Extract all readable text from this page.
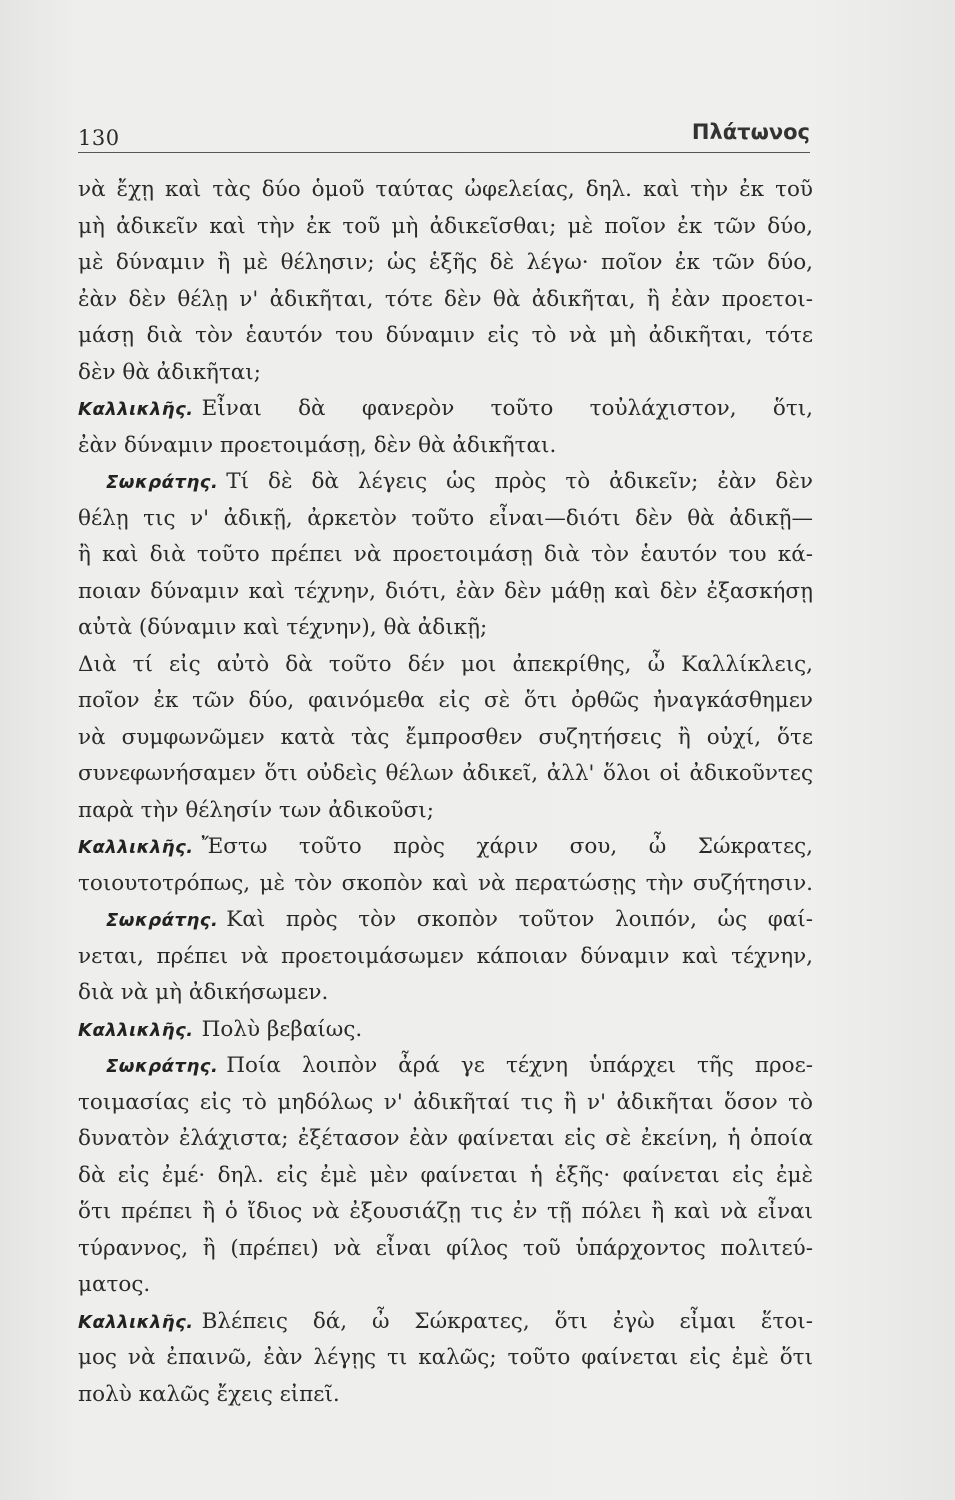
130	Πλάτωνος
νὰ ἔχῃ καὶ τὰς δύο ὁμοῦ ταύτας ὠφελείας, δηλ. καὶ τὴν ἐκ τοῦ
μὴ ἀδικεῖν καὶ τὴν ἐκ τοῦ μὴ ἀδικεῖσθαι; μὲ ποῖον ἐκ τῶν δύο,
μὲ δύναμιν ἢ μὲ θέλησιν; ὡς ἑξῆς δὲ λέγω· ποῖον ἐκ τῶν δύο,
ἐὰν δὲν θέλῃ ν' ἀδικῆται, τότε δὲν θὰ ἀδικῆται, ἢ ἐὰν προετοι-
μάσῃ διὰ τὸν ἑαυτόν του δύναμιν εἰς τὸ νὰ μὴ ἀδικῆται, τότε
δὲν θὰ ἀδικῆται;
Καλλικλῆς. Εἶναι δὰ φανερὸν τοῦτο τοὐλάχιστον, ὅτι,
ἐὰν δύναμιν προετοιμάσῃ, δὲν θὰ ἀδικῆται.
Σωκράτης. Τί δὲ δὰ λέγεις ὡς πρὸς τὸ ἀδικεῖν; ἐὰν δὲν
θέλῃ τις ν' ἀδικῇ, ἀρκετὸν τοῦτο εἶναι—διότι δὲν θὰ ἀδικῇ—
ἢ καὶ διὰ τοῦτο πρέπει νὰ προετοιμάσῃ διὰ τὸν ἑαυτόν του κά-
ποιαν δύναμιν καὶ τέχνην, διότι, ἐὰν δὲν μάθῃ καὶ δὲν ἐξασκήσῃ
αὐτὰ (δύναμιν καὶ τέχνην), θὰ ἀδικῇ;
Διὰ τί εἰς αὐτὸ δὰ τοῦτο δέν μοι ἀπεκρίθης, ὦ Καλλίκλεις,
ποῖον ἐκ τῶν δύο, φαινόμεθα εἰς σὲ ὅτι ὀρθῶς ἠναγκάσθημεν
νὰ συμφωνῶμεν κατὰ τὰς ἔμπροσθεν συζητήσεις ἢ οὐχί, ὅτε
συνεφωνήσαμεν ὅτι οὐδεὶς θέλων ἀδικεῖ, ἀλλ' ὅλοι οἱ ἀδικοῦντες
παρὰ τὴν θέλησίν των ἀδικοῦσι;
Καλλικλῆς. Ἔστω τοῦτο πρὸς χάριν σου, ὦ Σώκρατες,
τοιουτοτρόπως, μὲ τὸν σκοπὸν καὶ νὰ περατώσῃς τὴν συζήτησιν.
Σωκράτης. Καὶ πρὸς τὸν σκοπὸν τοῦτον λοιπόν, ὡς φαί-
νεται, πρέπει νὰ προετοιμάσωμεν κάποιαν δύναμιν καὶ τέχνην,
διὰ νὰ μὴ ἀδικήσωμεν.
Καλλικλῆς. Πολὺ βεβαίως.
Σωκράτης. Ποία λοιπὸν ἆρά γε τέχνη ὑπάρχει τῆς προε-
τοιμασίας εἰς τὸ μηδόλως ν' ἀδικῆταί τις ἢ ν' ἀδικῆται ὅσον τὸ
δυνατὸν ἐλάχιστα; ἐξέτασον ἐὰν φαίνεται εἰς σὲ ἐκείνη, ἡ ὁποία
δὰ εἰς ἐμέ· δηλ. εἰς ἐμὲ μὲν φαίνεται ἡ ἑξῆς· φαίνεται εἰς ἐμὲ
ὅτι πρέπει ἢ ὁ ἴδιος νὰ ἐξουσιάζῃ τις ἐν τῇ πόλει ἢ καὶ νὰ εἶναι
τύραννος, ἢ (πρέπει) νὰ εἶναι φίλος τοῦ ὑπάρχοντος πολιτεύ-
ματος.
Καλλικλῆς. Βλέπεις δά, ὦ Σώκρατες, ὅτι ἐγὼ εἶμαι ἕτοι-
μος νὰ ἐπαινῶ, ἐὰν λέγῃς τι καλῶς; τοῦτο φαίνεται εἰς ἐμὲ ὅτι
πολὺ καλῶς ἔχεις εἰπεῖ.
